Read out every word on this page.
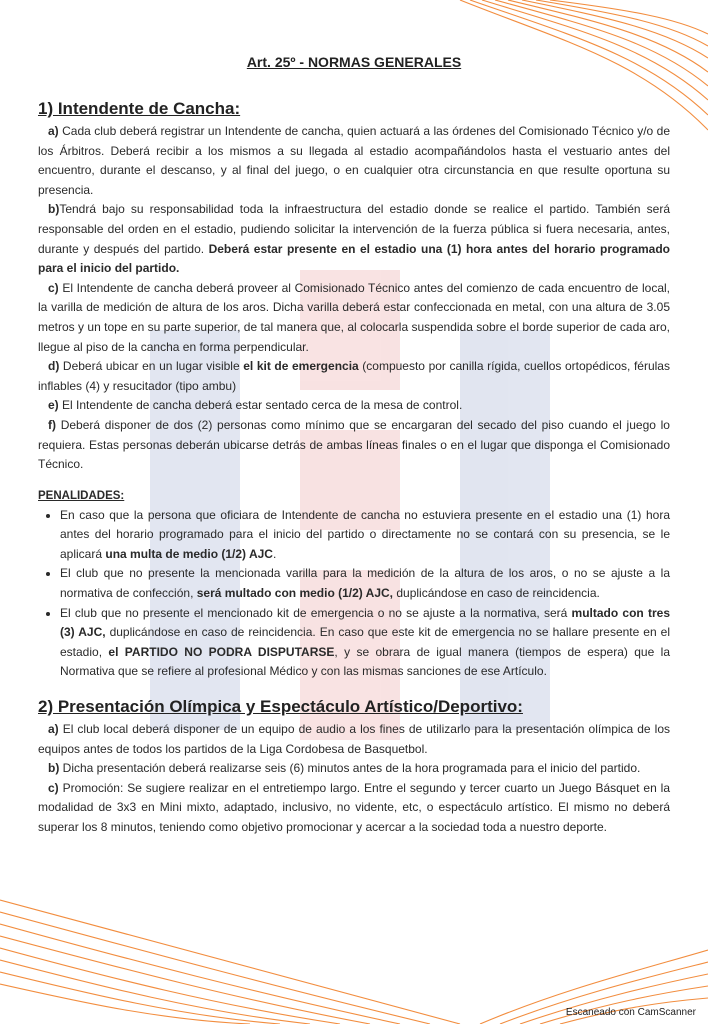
Art. 25º - NORMAS GENERALES
1) Intendente de Cancha:

a) Cada club deberá registrar un Intendente de cancha, quien actuará a las órdenes del Comisionado Técnico y/o de los Árbitros. Deberá recibir a los mismos a su llegada al estadio acompañándolos hasta el vestuario antes del encuentro, durante el descanso, y al final del juego, o en cualquier otra circunstancia en que resulte oportuna su presencia.

b)Tendrá bajo su responsabilidad toda la infraestructura del estadio donde se realice el partido. También será responsable del orden en el estadio, pudiendo solicitar la intervención de la fuerza pública si fuera necesaria, antes, durante y después del partido. Deberá estar presente en el estadio una (1) hora antes del horario programado para el inicio del partido.

c) El Intendente de cancha deberá proveer al Comisionado Técnico antes del comienzo de cada encuentro de local, la varilla de medición de altura de los aros. Dicha varilla deberá estar confeccionada en metal, con una altura de 3.05 metros y un tope en su parte superior, de tal manera que, al colocarla suspendida sobre el borde superior de cada aro, llegue al piso de la cancha en forma perpendicular.

d) Deberá ubicar en un lugar visible el kit de emergencia (compuesto por canilla rígida, cuellos ortopédicos, férulas inflables (4) y resucitador (tipo ambu)

e) El Intendente de cancha deberá estar sentado cerca de la mesa de control.

f) Deberá disponer de dos (2) personas como mínimo que se encargaran del secado del piso cuando el juego lo requiera. Estas personas deberán ubicarse detrás de ambas líneas finales o en el lugar que disponga el Comisionado Técnico.

PENALIDADES:
• En caso que la persona que oficiara de Intendente de cancha no estuviera presente en el estadio una (1) hora antes del horario programado para el inicio del partido o directamente no se contará con su presencia, se le aplicará una multa de medio (1/2) AJC.
• El club que no presente la mencionada varilla para la medición de la altura de los aros, o no se ajuste a la normativa de confección, será multado con medio (1/2) AJC, duplicándose en caso de reincidencia.
• El club que no presente el mencionado kit de emergencia o no se ajuste a la normativa, será multado con tres (3) AJC, duplicándose en caso de reincidencia. En caso que este kit de emergencia no se hallare presente en el estadio, el PARTIDO NO PODRA DISPUTARSE, y se obrara de igual manera (tiempos de espera) que la Normativa que se refiere al profesional Médico y con las mismas sanciones de ese Artículo.
2) Presentación Olímpica y Espectáculo Artístico/Deportivo:

a) El club local deberá disponer de un equipo de audio a los fines de utilizarlo para la presentación olímpica de los equipos antes de todos los partidos de la Liga Cordobesa de Basquetbol.

b) Dicha presentación deberá realizarse seis (6) minutos antes de la hora programada para el inicio del partido.

c) Promoción: Se sugiere realizar en el entretiempo largo. Entre el segundo y tercer cuarto un Juego Básquet en la modalidad de 3x3 en Mini mixto, adaptado, inclusivo, no vidente, etc, o espectáculo artístico. El mismo no deberá superar los 8 minutos, teniendo como objetivo promocionar y acercar a la sociedad toda a nuestro deporte.

Escaneado con CamScanner
